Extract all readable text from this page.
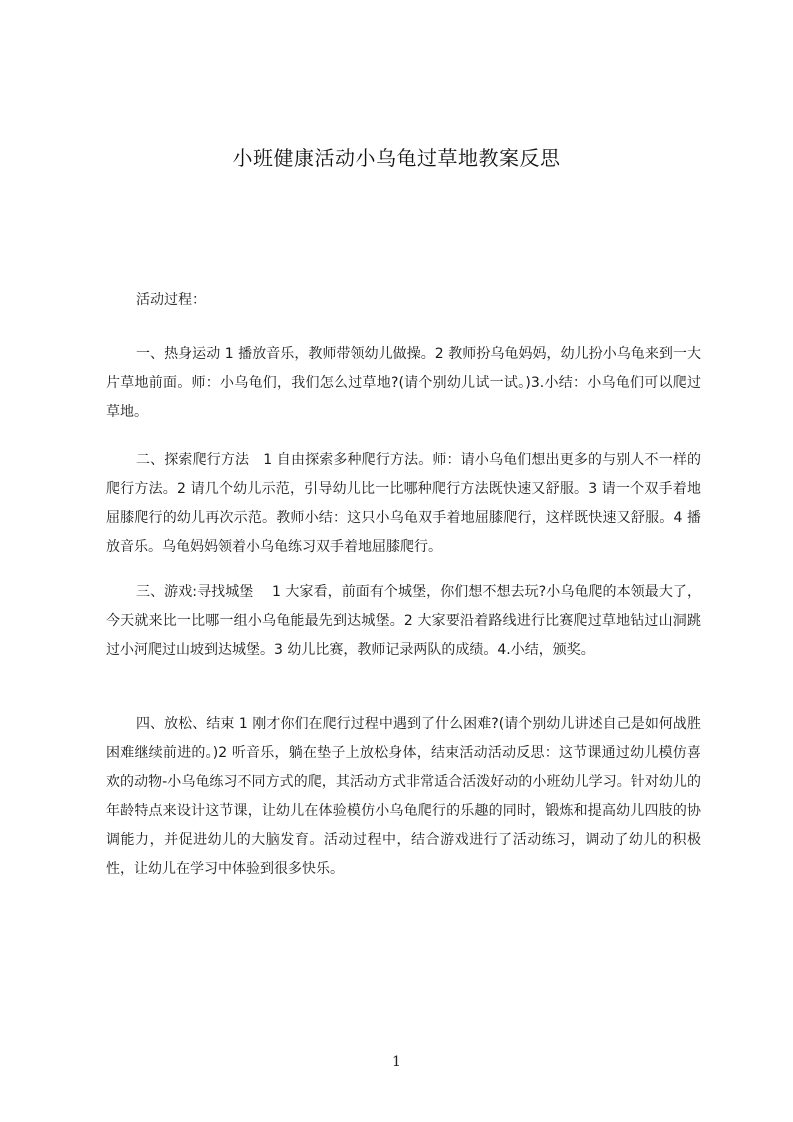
小班健康活动小乌龟过草地教案反思
活动过程：

一、热身运动 1 播放音乐，教师带领幼儿做操。2 教师扮乌龟妈妈，幼儿扮小乌龟来到一大片草地前面。师：小乌龟们，我们怎么过草地?(请个别幼儿试一试。)3.小结：小乌龟们可以爬过草地。

二、探索爬行方法　1 自由探索多种爬行方法。师：请小乌龟们想出更多的与别人不一样的爬行方法。2 请几个幼儿示范，引导幼儿比一比哪种爬行方法既快速又舒服。3 请一个双手着地屈膝爬行的幼儿再次示范。教师小结：这只小乌龟双手着地屈膝爬行，这样既快速又舒服。4 播放音乐。乌龟妈妈领着小乌龟练习双手着地屈膝爬行。

三、游戏:寻找城堡　 1 大家看，前面有个城堡，你们想不想去玩?小乌龟爬的本领最大了，今天就来比一比哪一组小乌龟能最先到达城堡。2 大家要沿着路线进行比赛爬过草地钻过山洞跳过小河爬过山坡到达城堡。3 幼儿比赛，教师记录两队的成绩。4.小结，颁奖。

四、放松、结束 1 刚才你们在爬行过程中遇到了什么困难?(请个别幼儿讲述自己是如何战胜困难继续前进的。)2 听音乐，躺在垫子上放松身体，结束活动活动反思：这节课通过幼儿模仿喜欢的动物-小乌龟练习不同方式的爬，其活动方式非常适合活泼好动的小班幼儿学习。针对幼儿的年龄特点来设计这节课，让幼儿在体验模仿小乌龟爬行的乐趣的同时，锻炼和提高幼儿四肢的协调能力，并促进幼儿的大脑发育。活动过程中，结合游戏进行了活动练习，调动了幼儿的积极性，让幼儿在学习中体验到很多快乐。

1
